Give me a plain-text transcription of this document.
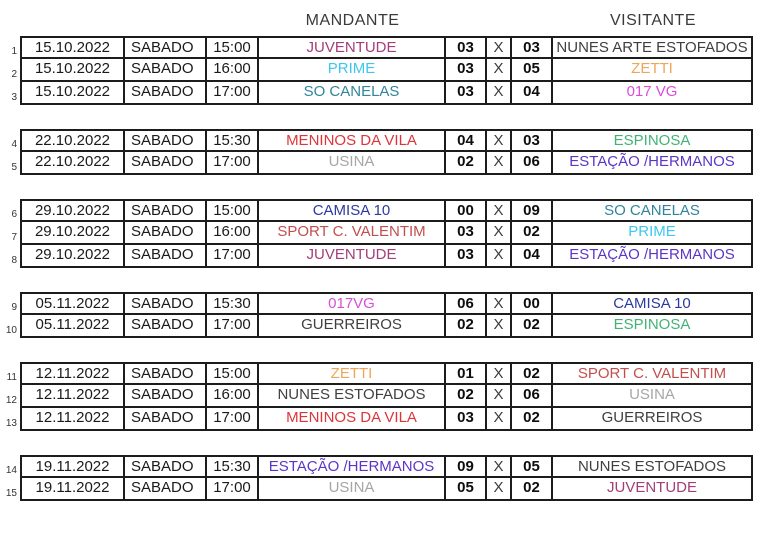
MANDANTE	VISITANTE
1	15.10.2022	SABADO	15:00	JUVENTUDE	03	X	03	NUNES ARTE ESTOFADOS
2	15.10.2022	SABADO	16:00	PRIME	03	X	05	ZETTI
3	15.10.2022	SABADO	17:00	SO CANELAS	03	X	04	017 VG
4	22.10.2022	SABADO	15:30	MENINOS DA VILA	04	X	03	ESPINOSA
5	22.10.2022	SABADO	17:00	USINA	02	X	06	ESTAÇÃO /HERMANOS
6	29.10.2022	SABADO	15:00	CAMISA 10	00	X	09	SO CANELAS
7	29.10.2022	SABADO	16:00	SPORT C. VALENTIM	03	X	02	PRIME
8	29.10.2022	SABADO	17:00	JUVENTUDE	03	X	04	ESTAÇÃO /HERMANOS
9	05.11.2022	SABADO	15:30	017VG	06	X	00	CAMISA 10
10	05.11.2022	SABADO	17:00	GUERREIROS	02	X	02	ESPINOSA
11	12.11.2022	SABADO	15:00	ZETTI	01	X	02	SPORT C. VALENTIM
12	12.11.2022	SABADO	16:00	NUNES ESTOFADOS	02	X	06	USINA
13	12.11.2022	SABADO	17:00	MENINOS DA VILA	03	X	02	GUERREIROS
14	19.11.2022	SABADO	15:30	ESTAÇÃO /HERMANOS	09	X	05	NUNES ESTOFADOS
15	19.11.2022	SABADO	17:00	USINA	05	X	02	JUVENTUDE
